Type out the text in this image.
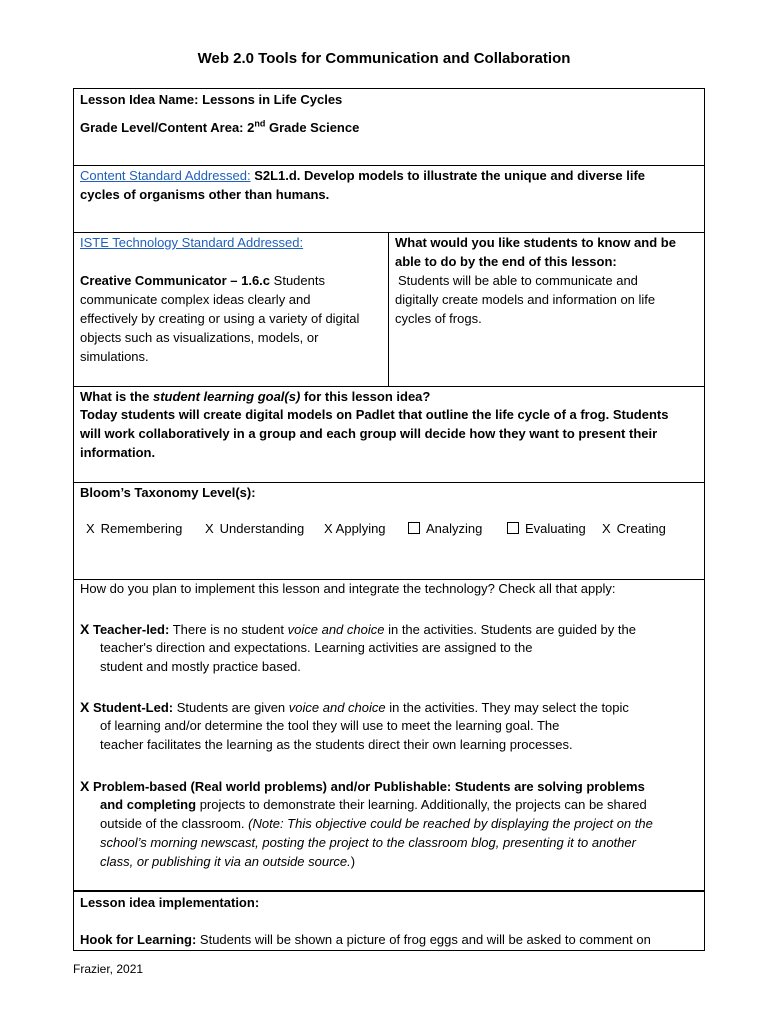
Web 2.0 Tools for Communication and Collaboration
Lesson Idea Name: Lessons in Life Cycles
Grade Level/Content Area: 2nd Grade Science
Content Standard Addressed: S2L1.d. Develop models to illustrate the unique and diverse life
cycles of organisms other than humans.
ISTE Technology Standard Addressed:
Creative Communicator – 1.6.c Students
communicate complex ideas clearly and
effectively by creating or using a variety of digital
objects such as visualizations, models, or
simulations.
What would you like students to know and be
able to do by the end of this lesson:
Students will be able to communicate and
digitally create models and information on life
cycles of frogs.
What is the student learning goal(s) for this lesson idea?
Today students will create digital models on Padlet that outline the life cycle of a frog. Students
will work collaboratively in a group and each group will decide how they want to present their
information.
Bloom’s Taxonomy Level(s):
X Remembering X Understanding X Applying	Analyzing	Evaluating X Creating
How do you plan to implement this lesson and integrate the technology? Check all that apply:
X Teacher-led: There is no student voice and choice in the activities. Students are guided by the
teacher's direction and expectations. Learning activities are assigned to the
student and mostly practice based.
X Student-Led: Students are given voice and choice in the activities. They may select the topic
of learning and/or determine the tool they will use to meet the learning goal. The
teacher facilitates the learning as the students direct their own learning processes.
X Problem-based (Real world problems) and/or Publishable: Students are solving problems
and completing projects to demonstrate their learning. Additionally, the projects can be shared
outside of the classroom. (Note: This objective could be reached by displaying the project on the
school’s morning newscast, posting the project to the classroom blog, presenting it to another
class, or publishing it via an outside source.)
Lesson idea implementation:
Hook for Learning: Students will be shown a picture of frog eggs and will be asked to comment on
Frazier, 2021
